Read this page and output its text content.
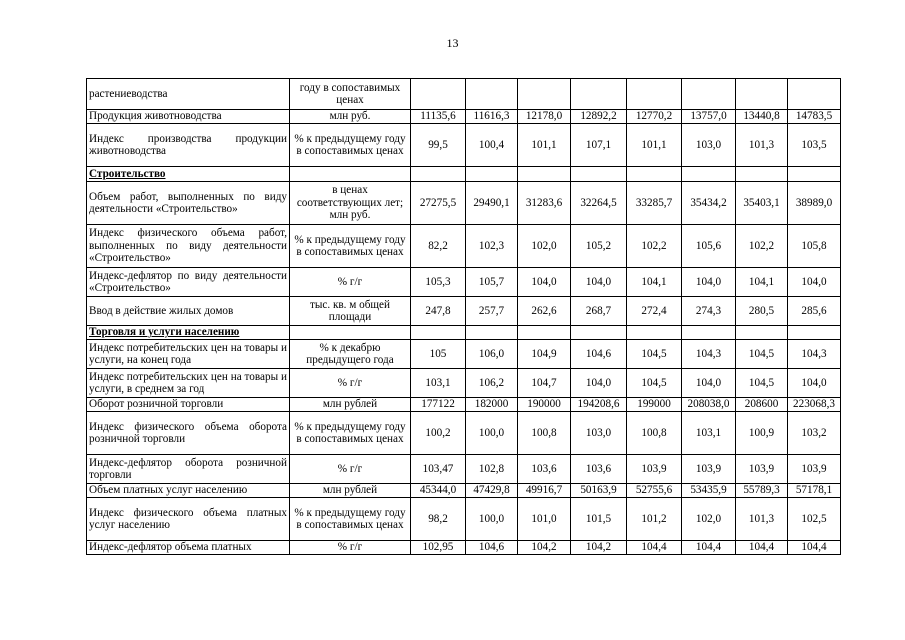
13
растениеводства	году в сопоставимых ценах								
Продукция животноводства	млн руб.	11135,6	11616,3	12178,0	12892,2	12770,2	13757,0	13440,8	14783,5
Индекс производства продукции животноводства	% к предыдущему году в сопоставимых ценах	99,5	100,4	101,1	107,1	101,1	103,0	101,3	103,5
Строительство									
Объем работ, выполненных по виду деятельности «Строительство»	в ценах соответствующих лет; млн руб.	27275,5	29490,1	31283,6	32264,5	33285,7	35434,2	35403,1	38989,0
Индекс физического объема работ, выполненных по виду деятельности «Строительство»	% к предыдущему году в сопоставимых ценах	82,2	102,3	102,0	105,2	102,2	105,6	102,2	105,8
Индекс-дефлятор по виду деятельности «Строительство»	% г/г	105,3	105,7	104,0	104,0	104,1	104,0	104,1	104,0
Ввод в действие жилых домов	тыс. кв. м общей площади	247,8	257,7	262,6	268,7	272,4	274,3	280,5	285,6
Торговля и услуги населению									
Индекс потребительских цен на товары и услуги, на конец года	% к декабрю предыдущего года	105	106,0	104,9	104,6	104,5	104,3	104,5	104,3
Индекс потребительских цен на товары и услуги, в среднем за год	% г/г	103,1	106,2	104,7	104,0	104,5	104,0	104,5	104,0
Оборот розничной торговли	млн рублей	177122	182000	190000	194208,6	199000	208038,0	208600	223068,3
Индекс физического объема оборота розничной торговли	% к предыдущему году в сопоставимых ценах	100,2	100,0	100,8	103,0	100,8	103,1	100,9	103,2
Индекс-дефлятор оборота розничной торговли	% г/г	103,47	102,8	103,6	103,6	103,9	103,9	103,9	103,9
Объем платных услуг населению	млн рублей	45344,0	47429,8	49916,7	50163,9	52755,6	53435,9	55789,3	57178,1
Индекс физического объема платных услуг населению	% к предыдущему году в сопоставимых ценах	98,2	100,0	101,0	101,5	101,2	102,0	101,3	102,5
Индекс-дефлятор объема платных	% г/г	102,95	104,6	104,2	104,2	104,4	104,4	104,4	104,4
